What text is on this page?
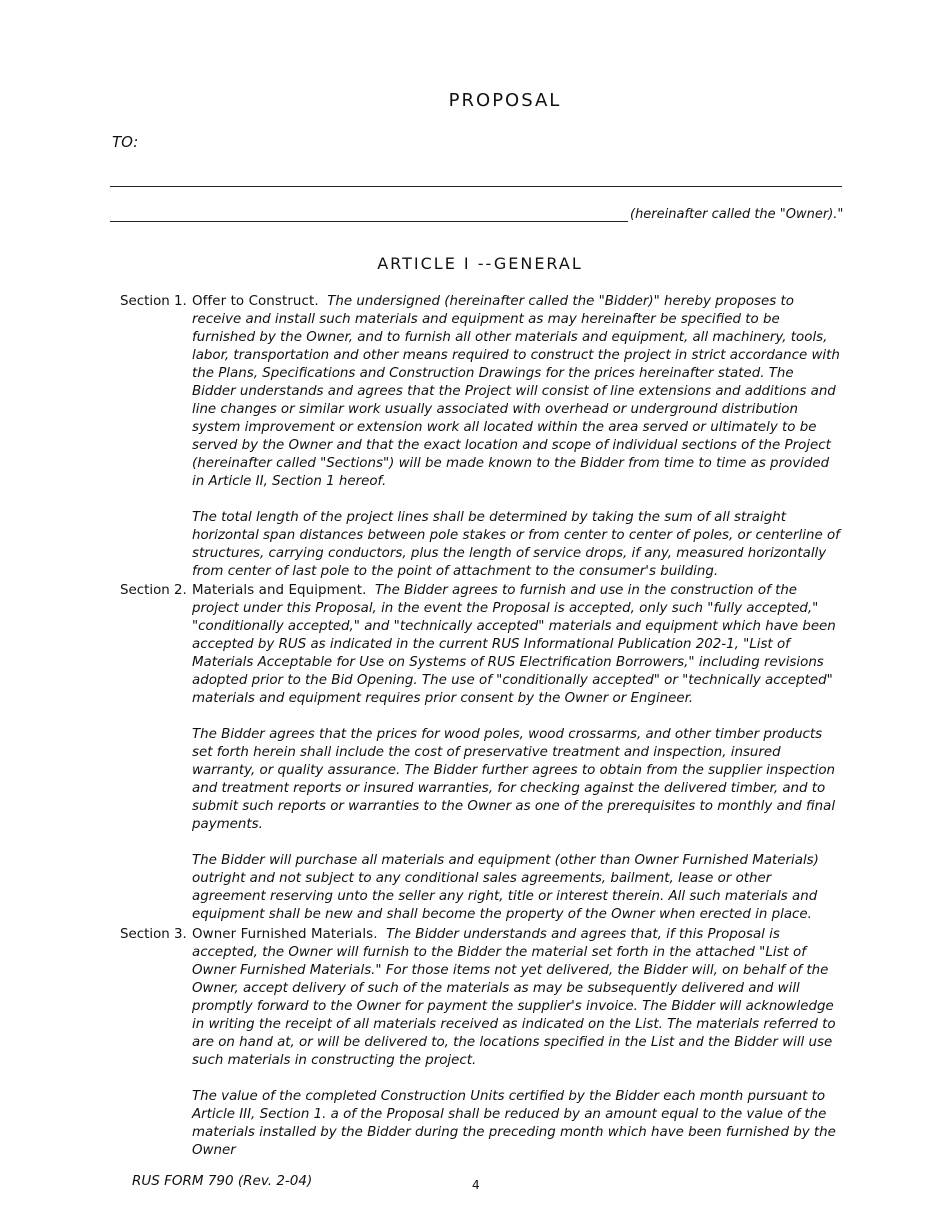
PROPOSAL
TO:
(hereinafter called the "Owner)."
ARTICLE I --GENERAL
Section 1. Offer to Construct. The undersigned (hereinafter called the "Bidder)" hereby proposes to receive and install such materials and equipment as may hereinafter be specified to be furnished by the Owner, and to furnish all other materials and equipment, all machinery, tools, labor, transportation and other means required to construct the project in strict accordance with the Plans, Specifications and Construction Drawings for the prices hereinafter stated. The Bidder understands and agrees that the Project will consist of line extensions and additions and line changes or similar work usually associated with overhead or underground distribution system improvement or extension work all located within the area served or ultimately to be served by the Owner and that the exact location and scope of individual sections of the Project (hereinafter called "Sections") will be made known to the Bidder from time to time as provided in Article II, Section 1 hereof.
The total length of the project lines shall be determined by taking the sum of all straight horizontal span distances between pole stakes or from center to center of poles, or centerline of structures, carrying conductors, plus the length of service drops, if any, measured horizontally from center of last pole to the point of attachment to the consumer's building.
Section 2. Materials and Equipment. The Bidder agrees to furnish and use in the construction of the project under this Proposal, in the event the Proposal is accepted, only such "fully accepted," "conditionally accepted," and "technically accepted" materials and equipment which have been accepted by RUS as indicated in the current RUS Informational Publication 202-1, "List of Materials Acceptable for Use on Systems of RUS Electrification Borrowers," including revisions adopted prior to the Bid Opening. The use of "conditionally accepted" or "technically accepted" materials and equipment requires prior consent by the Owner or Engineer.
The Bidder agrees that the prices for wood poles, wood crossarms, and other timber products set forth herein shall include the cost of preservative treatment and inspection, insured warranty, or quality assurance. The Bidder further agrees to obtain from the supplier inspection and treatment reports or insured warranties, for checking against the delivered timber, and to submit such reports or warranties to the Owner as one of the prerequisites to monthly and final payments.
The Bidder will purchase all materials and equipment (other than Owner Furnished Materials) outright and not subject to any conditional sales agreements, bailment, lease or other agreement reserving unto the seller any right, title or interest therein. All such materials and equipment shall be new and shall become the property of the Owner when erected in place.
Section 3. Owner Furnished Materials. The Bidder understands and agrees that, if this Proposal is accepted, the Owner will furnish to the Bidder the material set forth in the attached "List of Owner Furnished Materials." For those items not yet delivered, the Bidder will, on behalf of the Owner, accept delivery of such of the materials as may be subsequently delivered and will promptly forward to the Owner for payment the supplier's invoice. The Bidder will acknowledge in writing the receipt of all materials received as indicated on the List. The materials referred to are on hand at, or will be delivered to, the locations specified in the List and the Bidder will use such materials in constructing the project.
The value of the completed Construction Units certified by the Bidder each month pursuant to Article III, Section 1. a of the Proposal shall be reduced by an amount equal to the value of the materials installed by the Bidder during the preceding month which have been furnished by the Owner
RUS FORM 790 (Rev. 2-04)	4
